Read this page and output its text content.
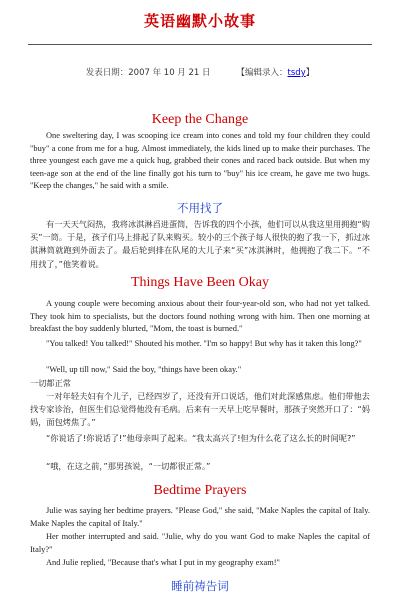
英语幽默小故事
发表日期：2007 年 10 月 21 日	【编辑录入：tsdy】
Keep the Change
One sweltering day, I was scooping ice cream into cones and told my four children they could "buy" a cone from me for a hug. Almost immediately, the kids lined up to make their purchases. The three youngest each gave me a quick hug, grabbed their cones and raced back outside. But when my teen-age son at the end of the line finally got his turn to "buy" his ice cream, he gave me two hugs. "Keep the changes," he said with a smile.
不用找了
有一天天气闷热，我将冰淇淋舀进蛋筒，告诉我的四个小孩，他们可以从我这里用拥抱“购买”一筒。于是，孩子们马上排起了队来购买。较小的三个孩子每人很快的抱了我一下，抓过冰淇淋筒就跑到外面去了。最后轮到排在队尾的大儿子来“买”冰淇淋时，他拥抱了我二下。“不用找了，”他笑着说。
Things Have Been Okay
A young couple were becoming anxious about their four-year-old son, who had not yet talked. They took him to specialists, but the doctors found nothing wrong with him. Then one morning at breakfast the boy suddenly blurted, "Mom, the toast is burned."
"You talked! You talked!" Shouted his mother. "I'm so happy! But why has it taken this long?"
"Well, up till now," Said the boy, "things have been okay."
一切都正常
一对年轻夫妇有个儿子，已经四岁了，还没有开口说话，他们对此深感焦虑。他们带他去找专家诊治，但医生们总觉得他没有毛病。后来有一天早上吃早餐时，那孩子突然开口了：“妈妈，面包烤焦了。”
“你说话了!你说话了!”他母亲叫了起来。“我太高兴了!但为什么花了这么长的时间呢?”
“哦，在这之前，”那男孩说，“一切都很正常。”
Bedtime Prayers
Julie was saying her bedtime prayers. "Please God," she said, "Make Naples the capital of Italy. Make Naples the capital of Italy."
Her mother interrupted and said. "Julie, why do you want God to make Naples the capital of Italy?"
And Julie replied, "Because that's what I put in my geography exam!"
睡前祷告词
